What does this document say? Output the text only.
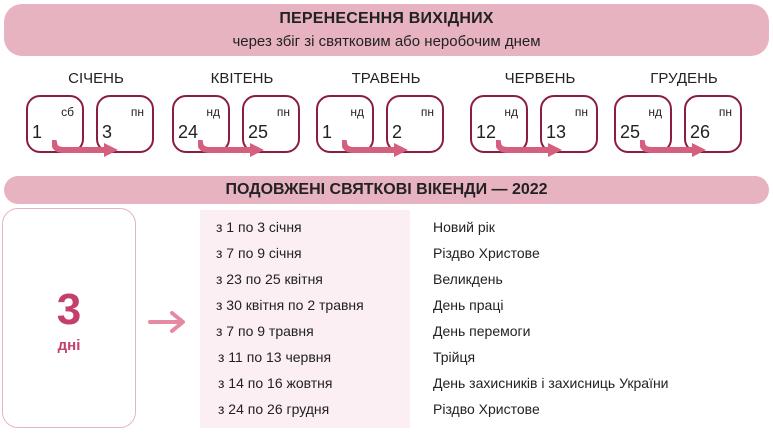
ПЕРЕНЕСЕННЯ ВИХІДНИХ
через збіг зі святковим або неробочим днем
СІЧЕНЬ
сб
1
пн
3
КВІТЕНЬ
нд
24
пн
25
ТРАВЕНЬ
нд
1
пн
2
ЧЕРВЕНЬ
нд
12
пн
13
ГРУДЕНЬ
нд
25
пн
26
ПОДОВЖЕНІ СВЯТКОВІ ВІКЕНДИ — 2022
3
дні
з 1 по 3 січня	Новий рік
з 7 по 9 січня	Різдво Христове
з 23 по 25 квітня	Великдень
з 30 квітня по 2 травня	День праці
з 7 по 9 травня	День перемоги
з 11 по 13 червня	Трійця
з 14 по 16 жовтня	День захисників і захисниць України
з 24 по 26 грудня	Різдво Христове
